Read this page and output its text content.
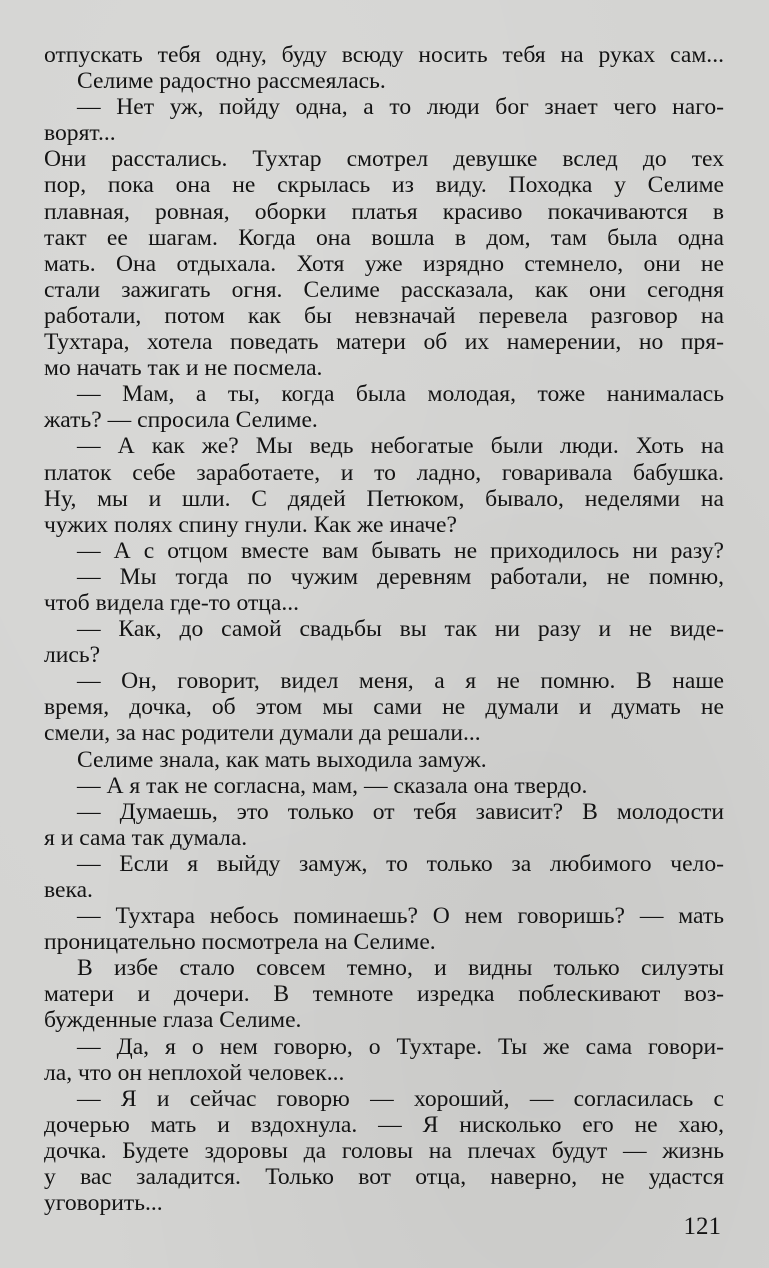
отпускать тебя одну, буду всюду носить тебя на руках сам...
Селиме радостно рассмеялась.
— Нет уж, пойду одна, а то люди бог знает чего наго-
ворят...
Они расстались. Тухтар смотрел девушке вслед до тех
пор, пока она не скрылась из виду. Походка у Селиме
плавная, ровная, оборки платья красиво покачиваются в
такт ее шагам. Когда она вошла в дом, там была одна
мать. Она отдыхала. Хотя уже изрядно стемнело, они не
стали зажигать огня. Селиме рассказала, как они сегодня
работали, потом как бы невзначай перевела разговор на
Тухтара, хотела поведать матери об их намерении, но пря-
мо начать так и не посмела.
— Мам, а ты, когда была молодая, тоже нанималась
жать? — спросила Селиме.
— А как же? Мы ведь небогатые были люди. Хоть на
платок себе заработаете, и то ладно, говаривала бабушка.
Ну, мы и шли. С дядей Петюком, бывало, неделями на
чужих полях спину гнули. Как же иначе?
— А с отцом вместе вам бывать не приходилось ни разу?
— Мы тогда по чужим деревням работали, не помню,
чтоб видела где-то отца...
— Как, до самой свадьбы вы так ни разу и не виде-
лись?
— Он, говорит, видел меня, а я не помню. В наше
время, дочка, об этом мы сами не думали и думать не
смели, за нас родители думали да решали...
Селиме знала, как мать выходила замуж.
— А я так не согласна, мам, — сказала она твердо.
— Думаешь, это только от тебя зависит? В молодости
я и сама так думала.
— Если я выйду замуж, то только за любимого чело-
века.
— Тухтара небось поминаешь? О нем говоришь? — мать
проницательно посмотрела на Селиме.
В избе стало совсем темно, и видны только силуэты
матери и дочери. В темноте изредка поблескивают воз-
бужденные глаза Селиме.
— Да, я о нем говорю, о Тухтаре. Ты же сама говори-
ла, что он неплохой человек...
— Я и сейчас говорю — хороший, — согласилась с
дочерью мать и вздохнула. — Я нисколько его не хаю,
дочка. Будете здоровы да головы на плечах будут — жизнь
у вас заладится. Только вот отца, наверно, не удастся
уговорить...
121
